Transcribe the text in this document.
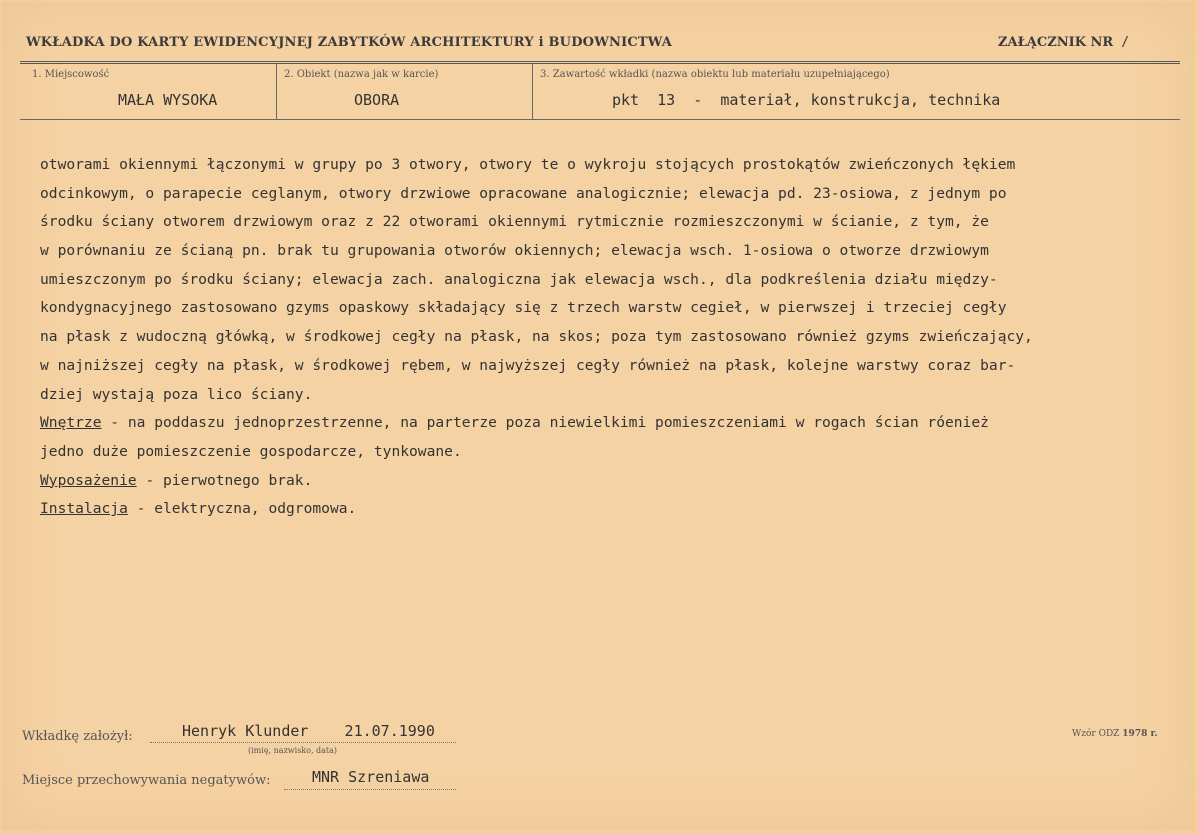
WKŁADKA DO KARTY EWIDENCYJNEJ ZABYTKÓW ARCHITEKTURY i BUDOWNICTWA	ZAŁĄCZNIK NR /
1. Miejscowość
MAŁA WYSOKA
2. Obiekt (nazwa jak w karcie)
OBORA
3. Zawartość wkładki (nazwa obiektu lub materiału uzupełniającego)
pkt  13  -  materiał, konstrukcja, technika
otworami okiennymi łączonymi w grupy po 3 otwory, otwory te o wykroju stojących prostokątów zwieńczonych łękiem
odcinkowym, o parapecie ceglanym, otwory drzwiowe opracowane analogicznie; elewacja pd. 23-osiowa, z jednym po
środku ściany otworem drzwiowym oraz z 22 otworami okiennymi rytmicznie rozmieszczonymi w ścianie, z tym, że
w porównaniu ze ścianą pn. brak tu grupowania otworów okiennych; elewacja wsch. 1-osiowa o otworze drzwiowym
umieszczonym po środku ściany; elewacja zach. analogiczna jak elewacja wsch., dla podkreślenia działu między-
kondygnacyjnego zastosowano gzyms opaskowy składający się z trzech warstw cegieł, w pierwszej i trzeciej cegły
na płask z wudoczną główką, w środkowej cegły na płask, na skos; poza tym zastosowano również gzyms zwieńczający,
w najniższej cegły na płask, w środkowej rębem, w najwyższej cegły również na płask, kolejne warstwy coraz bar-
dziej wystają poza lico ściany.
Wnętrze - na poddaszu jednoprzestrzenne, na parterze poza niewielkimi pomieszczeniami w rogach ścian róenież
jedno duże pomieszczenie gospodarcze, tynkowane.
Wyposażenie - pierwotnego brak.
Instalacja - elektryczna, odgromowa.
Wkładkę założył:	Henryk Klunder    21.07.1990
(imię, nazwisko, data)
Wzór ODZ 1978 r.
Miejsce przechowywania negatywów:	MNR Szreniawa
